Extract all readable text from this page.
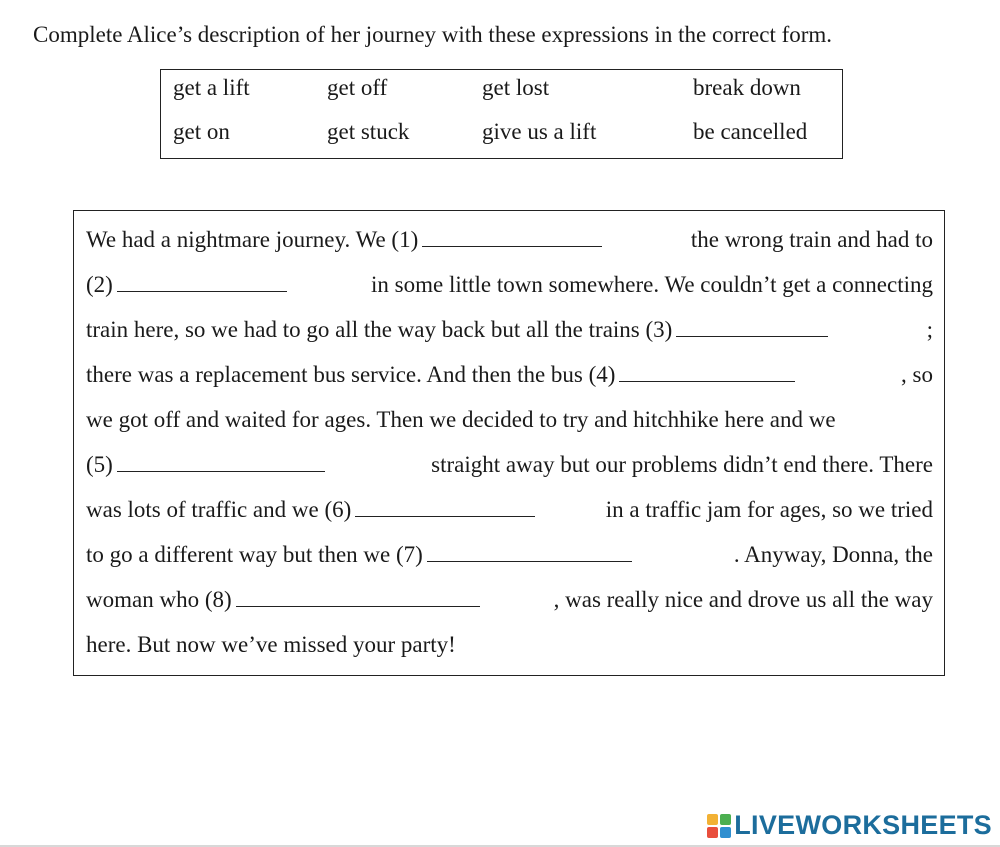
Complete Alice’s description of her journey with these expressions in the correct form.
get a lift	get off	get lost	break down
get on	get stuck	give us a lift	be cancelled
We had a nightmare journey. We (1)	the wrong train and had to
(2)	in some little town somewhere. We couldn’t get a connecting
train here, so we had to go all the way back but all the trains (3)	;
there was a replacement bus service. And then the bus (4)	, so
we got off and waited for ages. Then we decided to try and hitchhike here and we
(5)	straight away but our problems didn’t end there. There
was lots of traffic and we (6)	in a traffic jam for ages, so we tried
to go a different way but then we (7)	. Anyway, Donna, the
woman who (8)	, was really nice and drove us all the way
here. But now we’ve missed your party!
LIVEWORKSHEETS
